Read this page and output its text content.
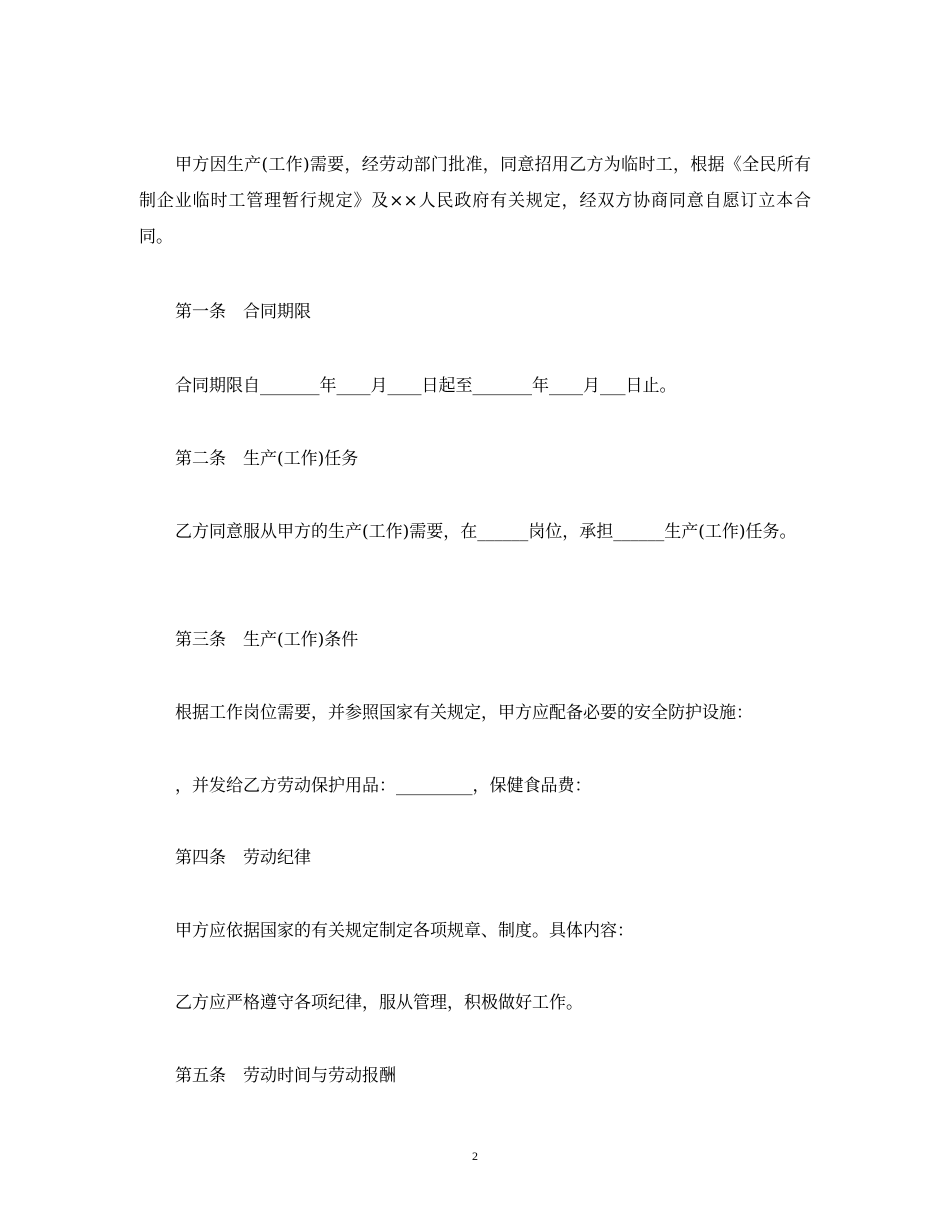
甲方因生产(工作)需要，经劳动部门批准，同意招用乙方为临时工，根据《全民所有制企业临时工管理暂行规定》及××人民政府有关规定，经双方协商同意自愿订立本合同。
第一条　合同期限
合同期限自_______年____月____日起至_______年____月___日止。
第二条　生产(工作)任务
乙方同意服从甲方的生产(工作)需要，在______岗位，承担______生产(工作)任务。
第三条　生产(工作)条件
根据工作岗位需要，并参照国家有关规定，甲方应配备必要的安全防护设施：
，并发给乙方劳动保护用品：_________，保健食品费：
第四条　劳动纪律
甲方应依据国家的有关规定制定各项规章、制度。具体内容：
乙方应严格遵守各项纪律，服从管理，积极做好工作。
第五条　劳动时间与劳动报酬
2
